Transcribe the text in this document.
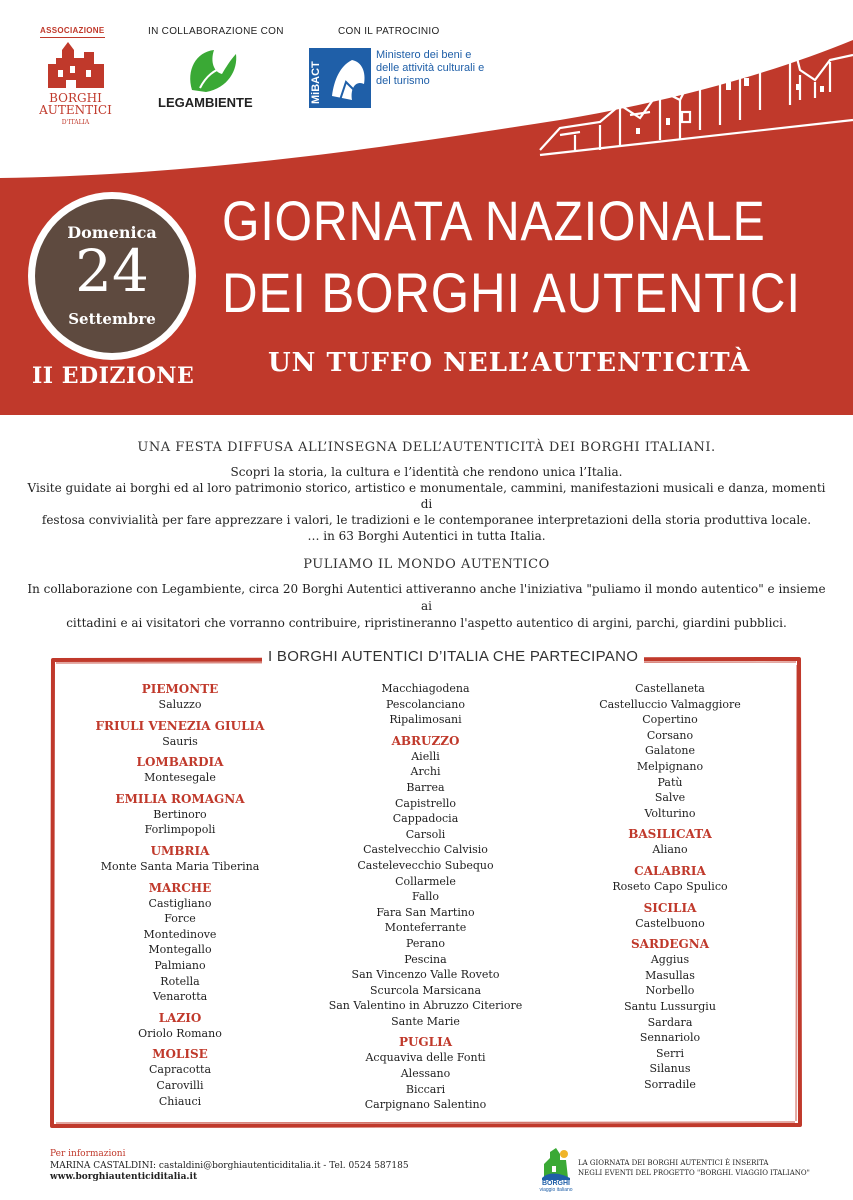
ASSOCIAZIONE
BORGHI AUTENTICI
D'ITALIA
IN COLLABORAZIONE CON
LEGAMBIENTE
CON IL PATROCINIO
MiBACT
Ministero dei beni e delle attività culturali e del turismo
Domenica
24
Settembre
II EDIZIONE
GIORNATA NAZIONALE
DEI BORGHI AUTENTICI
UN TUFFO NELL’AUTENTICITÀ
UNA FESTA DIFFUSA ALL’INSEGNA DELL’AUTENTICITÀ DEI BORGHI ITALIANI.
Scopri la storia, la cultura e l’identità che rendono unica l’Italia.
Visite guidate ai borghi ed al loro patrimonio storico, artistico e monumentale, cammini, manifestazioni musicali e danza, momenti di
festosa convivialità per fare apprezzare i valori, le tradizioni e le contemporanee interpretazioni della storia produttiva locale.
… in 63 Borghi Autentici in tutta Italia.
PULIAMO IL MONDO AUTENTICO
In collaborazione con Legambiente, circa 20 Borghi Autentici attiveranno anche l'iniziativa "puliamo il mondo autentico" e insieme ai
cittadini e ai visitatori che vorranno contribuire, ripristineranno l'aspetto autentico di argini, parchi, giardini pubblici.
I BORGHI AUTENTICI D’ITALIA CHE PARTECIPANO
PIEMONTE
Saluzzo
FRIULI VENEZIA GIULIA
Sauris
LOMBARDIA
Montesegale
EMILIA ROMAGNA
Bertinoro
Forlimpopoli
UMBRIA
Monte Santa Maria Tiberina
MARCHE
Castigliano
Force
Montedinove
Montegallo
Palmiano
Rotella
Venarotta
LAZIO
Oriolo Romano
MOLISE
Capracotta
Carovilli
Chiauci
Macchiagodena
Pescolanciano
Ripalimosani
ABRUZZO
Aielli
Archi
Barrea
Capistrello
Cappadocia
Carsoli
Castelvecchio Calvisio
Castelevecchio Subequo
Collarmele
Fallo
Fara San Martino
Monteferrante
Perano
Pescina
San Vincenzo Valle Roveto
Scurcola Marsicana
San Valentino in Abruzzo Citeriore
Sante Marie
PUGLIA
Acquaviva delle Fonti
Alessano
Biccari
Carpignano Salentino
Castellaneta
Castelluccio Valmaggiore
Copertino
Corsano
Galatone
Melpignano
Patù
Salve
Volturino
BASILICATA
Aliano
CALABRIA
Roseto Capo Spulico
SICILIA
Castelbuono
SARDEGNA
Aggius
Masullas
Norbello
Santu Lussurgiu
Sardara
Sennariolo
Serri
Silanus
Sorradile
Per informazioni
MARINA CASTALDINI: castaldini@borghiautenticiditalia.it - Tel. 0524 587185
www.borghiautenticiditalia.it
BORGHI
viaggio italiano
LA GIORNATA DEI BORGHI AUTENTICI È INSERITA
NEGLI EVENTI DEL PROGETTO "BORGHI. VIAGGIO ITALIANO"
